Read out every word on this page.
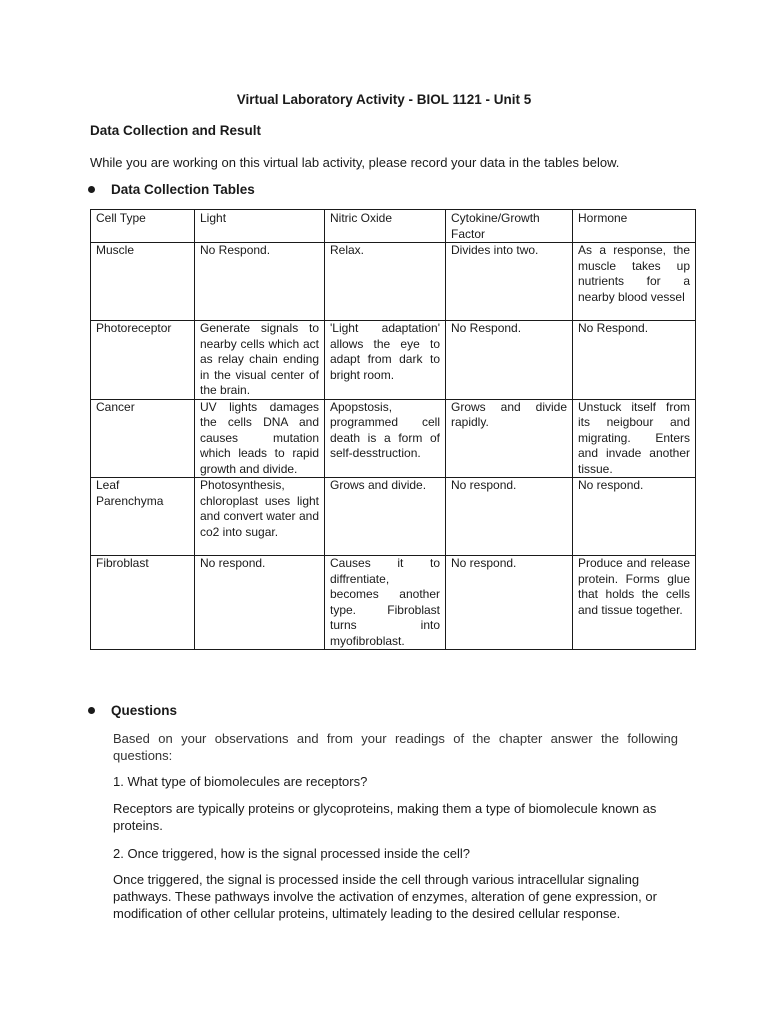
Virtual Laboratory Activity - BIOL 1121 - Unit 5
Data Collection and Result
While you are working on this virtual lab activity, please record your data in the tables below.
Data Collection Tables
Cell Type	Light	Nitric Oxide	Cytokine/Growth Factor	Hormone
Muscle	No Respond.	Relax.	Divides into two.	As a response, the muscle takes up nutrients for a nearby blood vessel
Photoreceptor	Generate signals to nearby cells which act as relay chain ending in the visual center of the brain.	'Light adaptation' allows the eye to adapt from dark to bright room.	No Respond.	No Respond.
Cancer	UV lights damages the cells DNA and causes mutation which leads to rapid growth and divide.	Apopstosis, programmed cell death is a form of self-desstruction.	Grows and divide rapidly.	Unstuck itself from its neigbour and migrating. Enters and invade another tissue.
Leaf Parenchyma	Photosynthesis, chloroplast uses light and convert water and co2 into sugar.	Grows and divide.	No respond.	No respond.
Fibroblast	No respond.	Causes it to diffrentiate, becomes another type. Fibroblast turns into myofibroblast.	No respond.	Produce and release protein. Forms glue that holds the cells and tissue together.
Questions
Based on your observations and from your readings of the chapter answer the following questions:
1. What type of biomolecules are receptors?
Receptors are typically proteins or glycoproteins, making them a type of biomolecule known as proteins.
2. Once triggered, how is the signal processed inside the cell?
Once triggered, the signal is processed inside the cell through various intracellular signaling pathways. These pathways involve the activation of enzymes, alteration of gene expression, or modification of other cellular proteins, ultimately leading to the desired cellular response.
